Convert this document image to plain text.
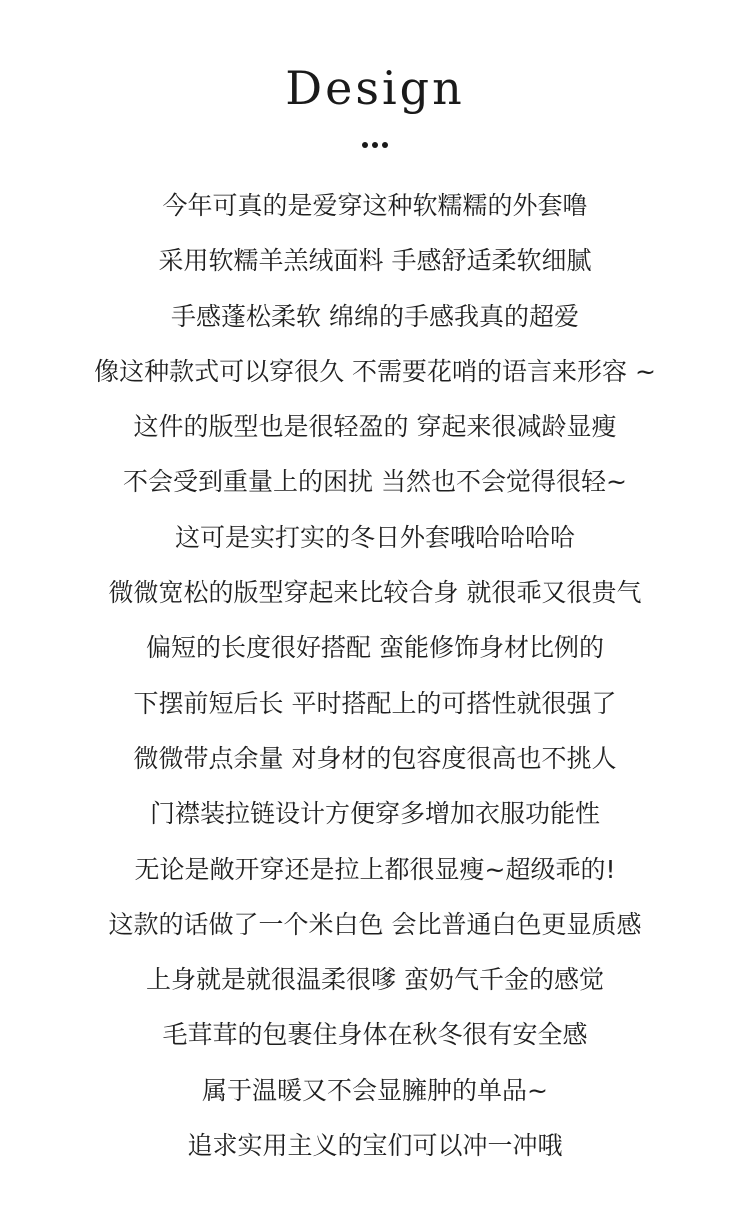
Design
今年可真的是爱穿这种软糯糯的外套噜
采用软糯羊羔绒面料 手感舒适柔软细腻
手感蓬松柔软 绵绵的手感我真的超爱
像这种款式可以穿很久 不需要花哨的语言来形容 ~
这件的版型也是很轻盈的 穿起来很减龄显瘦
不会受到重量上的困扰 当然也不会觉得很轻~
这可是实打实的冬日外套哦哈哈哈哈
微微宽松的版型穿起来比较合身 就很乖又很贵气
偏短的长度很好搭配 蛮能修饰身材比例的
下摆前短后长 平时搭配上的可搭性就很强了
微微带点余量 对身材的包容度很高也不挑人
门襟装拉链设计方便穿多增加衣服功能性
无论是敞开穿还是拉上都很显瘦~超级乖的!
这款的话做了一个米白色 会比普通白色更显质感
上身就是就很温柔很嗲 蛮奶气千金的感觉
毛茸茸的包裹住身体在秋冬很有安全感
属于温暖又不会显臃肿的单品~
追求实用主义的宝们可以冲一冲哦
